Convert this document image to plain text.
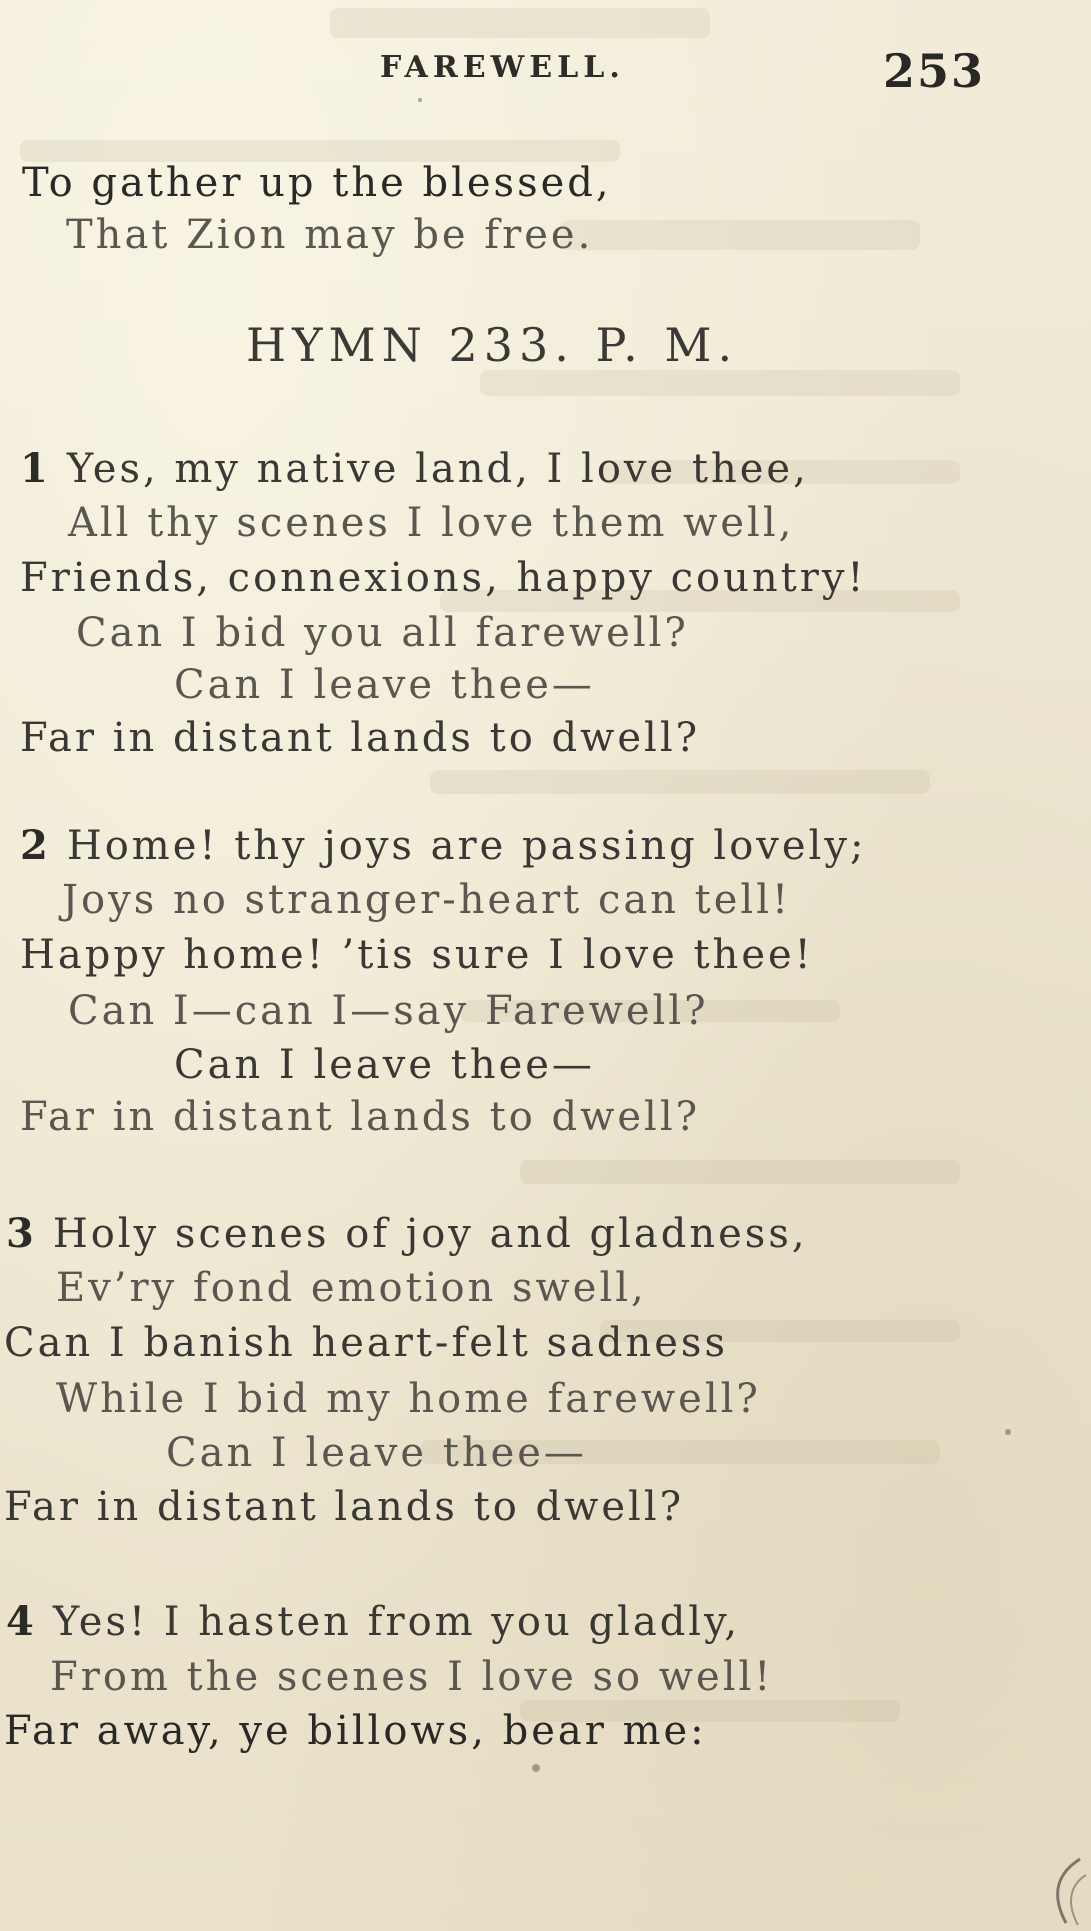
FAREWELL.	253
To gather up the blessed,
That Zion may be free.
HYMN 233. P. M.
1 Yes, my native land, I love thee,
All thy scenes I love them well,
Friends, connexions, happy country!
Can I bid you all farewell?
Can I leave thee—
Far in distant lands to dwell?
2 Home! thy joys are passing lovely;
Joys no stranger-heart can tell!
Happy home! ’tis sure I love thee!
Can I—can I—say Farewell?
Can I leave thee—
Far in distant lands to dwell?
3 Holy scenes of joy and gladness,
Ev’ry fond emotion swell,
Can I banish heart-felt sadness
While I bid my home farewell?
Can I leave thee—
Far in distant lands to dwell?
4 Yes! I hasten from you gladly,
From the scenes I love so well!
Far away, ye billows, bear me:
